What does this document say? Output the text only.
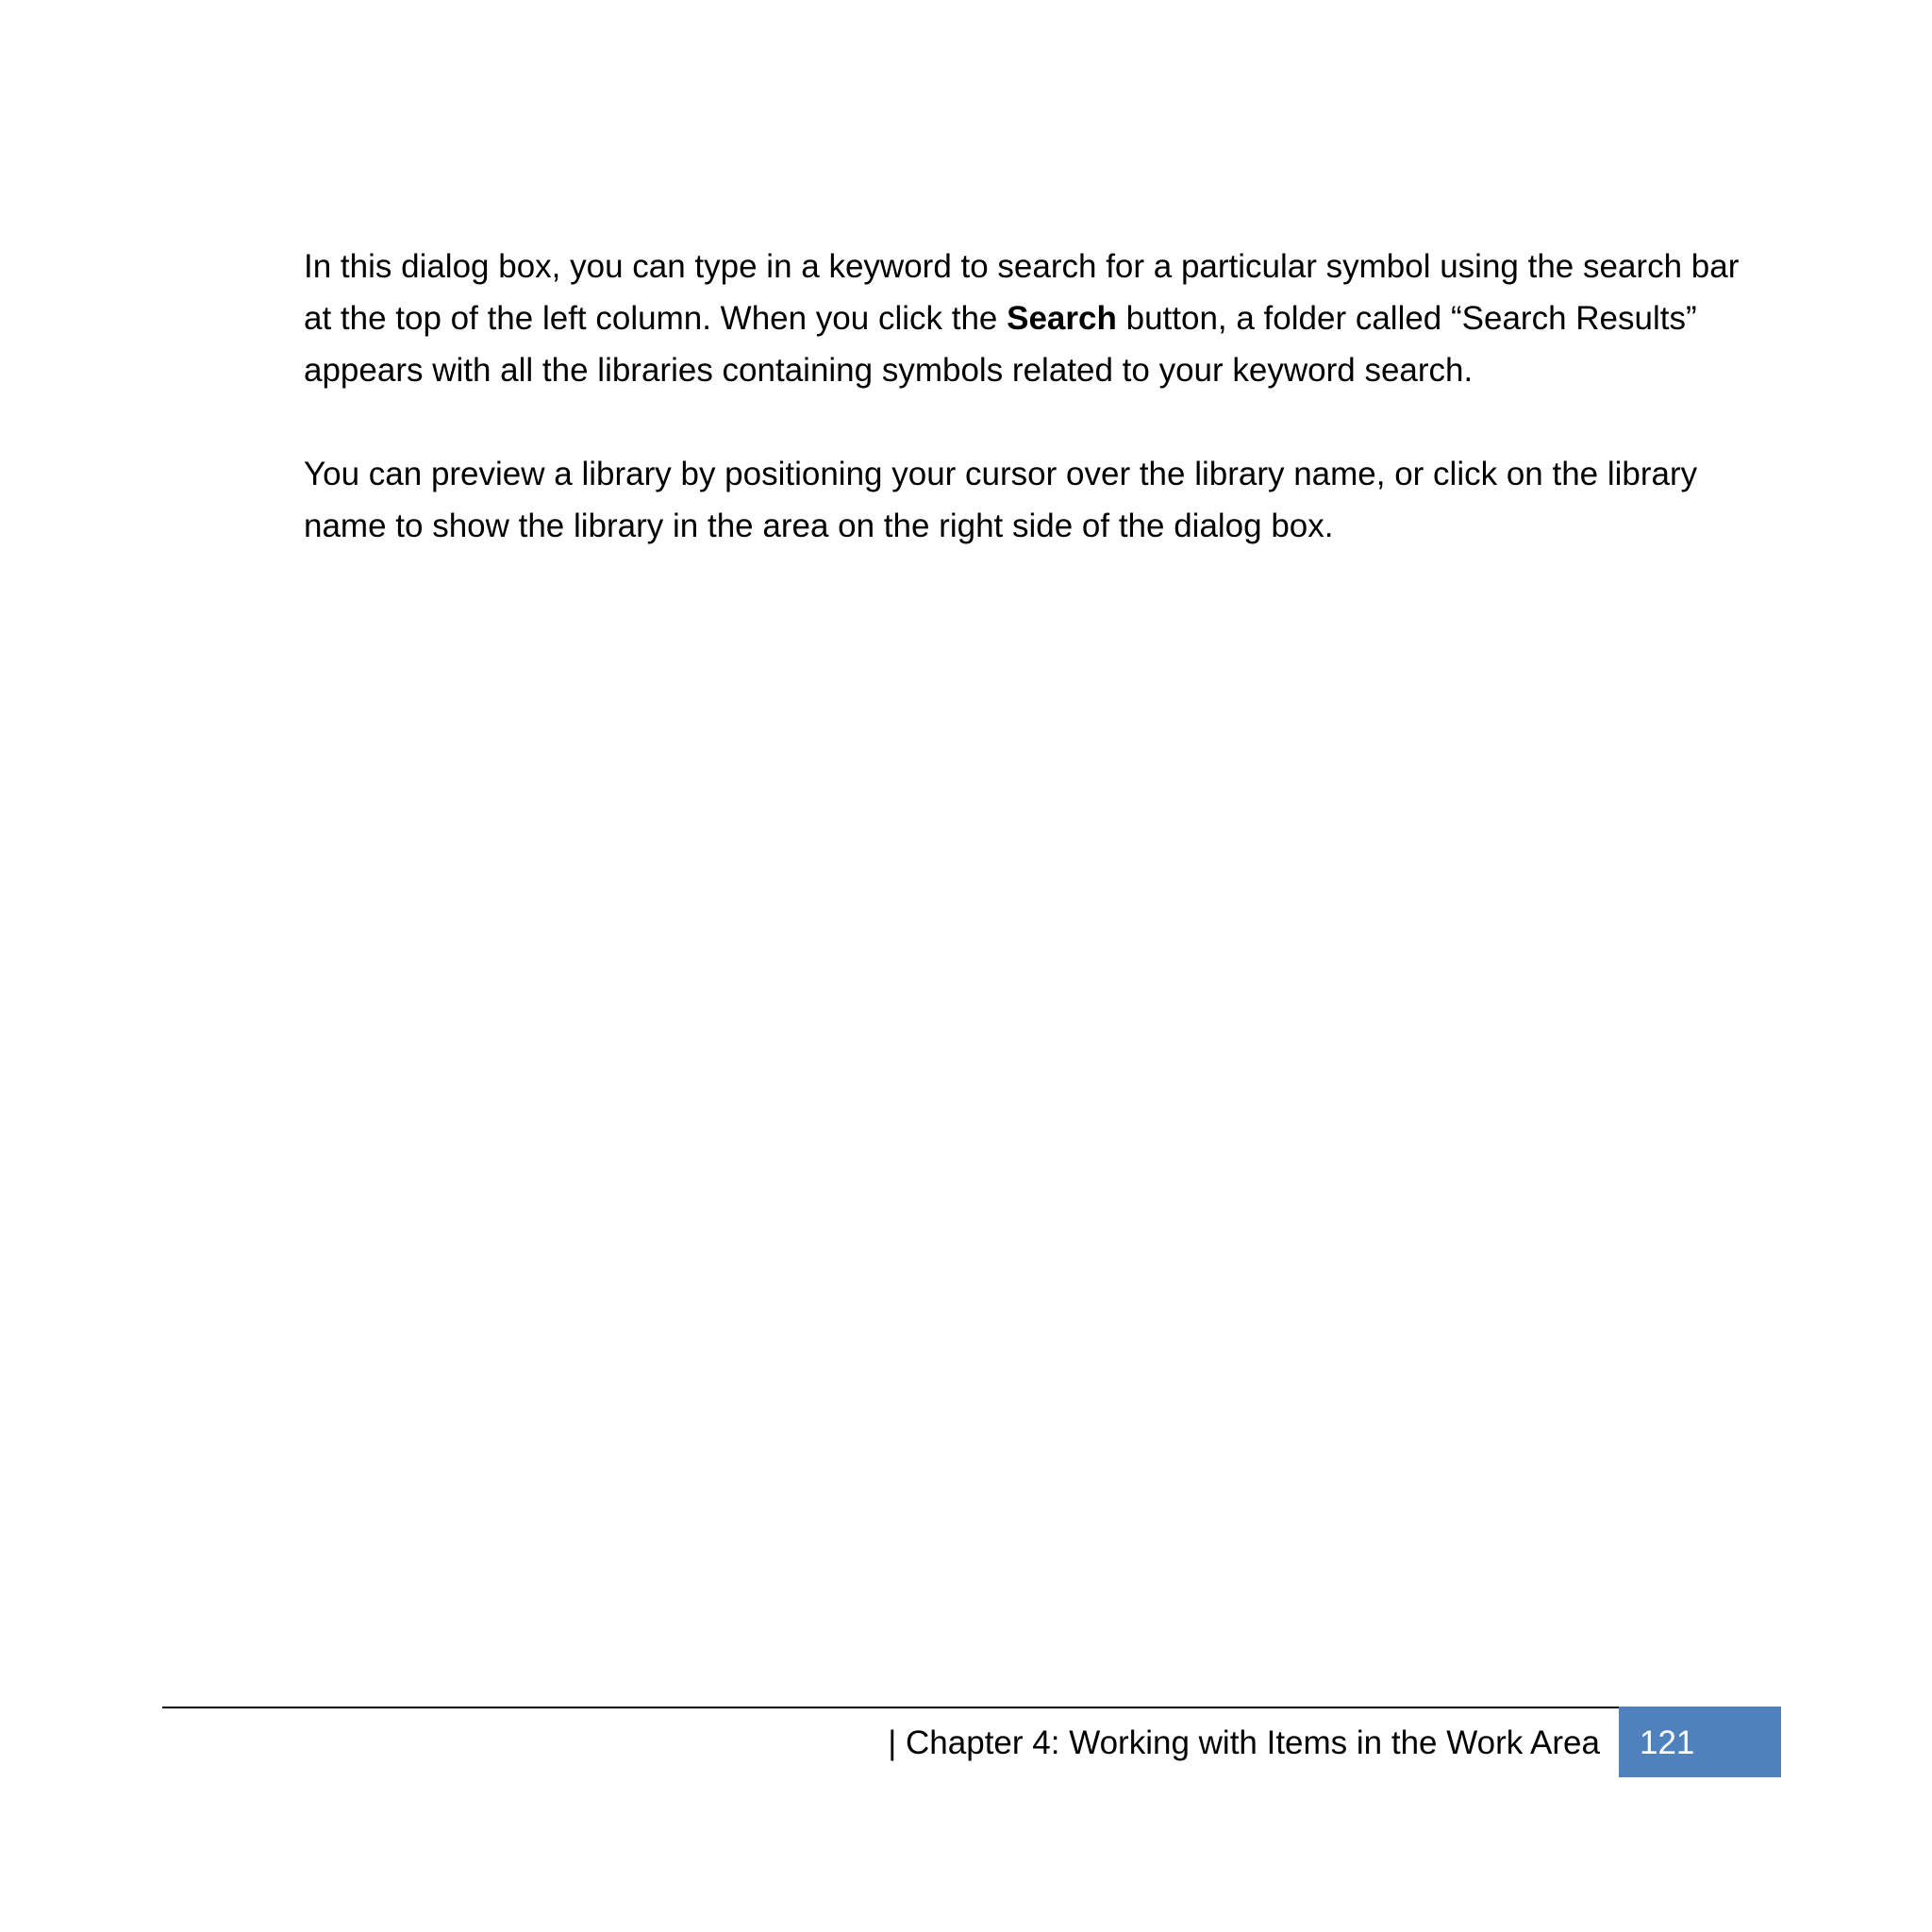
In this dialog box, you can type in a keyword to search for a particular symbol using the search bar at the top of the left column. When you click the Search button, a folder called “Search Results” appears with all the libraries containing symbols related to your keyword search.

You can preview a library by positioning your cursor over the library name, or click on the library name to show the library in the area on the right side of the dialog box.

| Chapter 4: Working with Items in the Work Area 121
